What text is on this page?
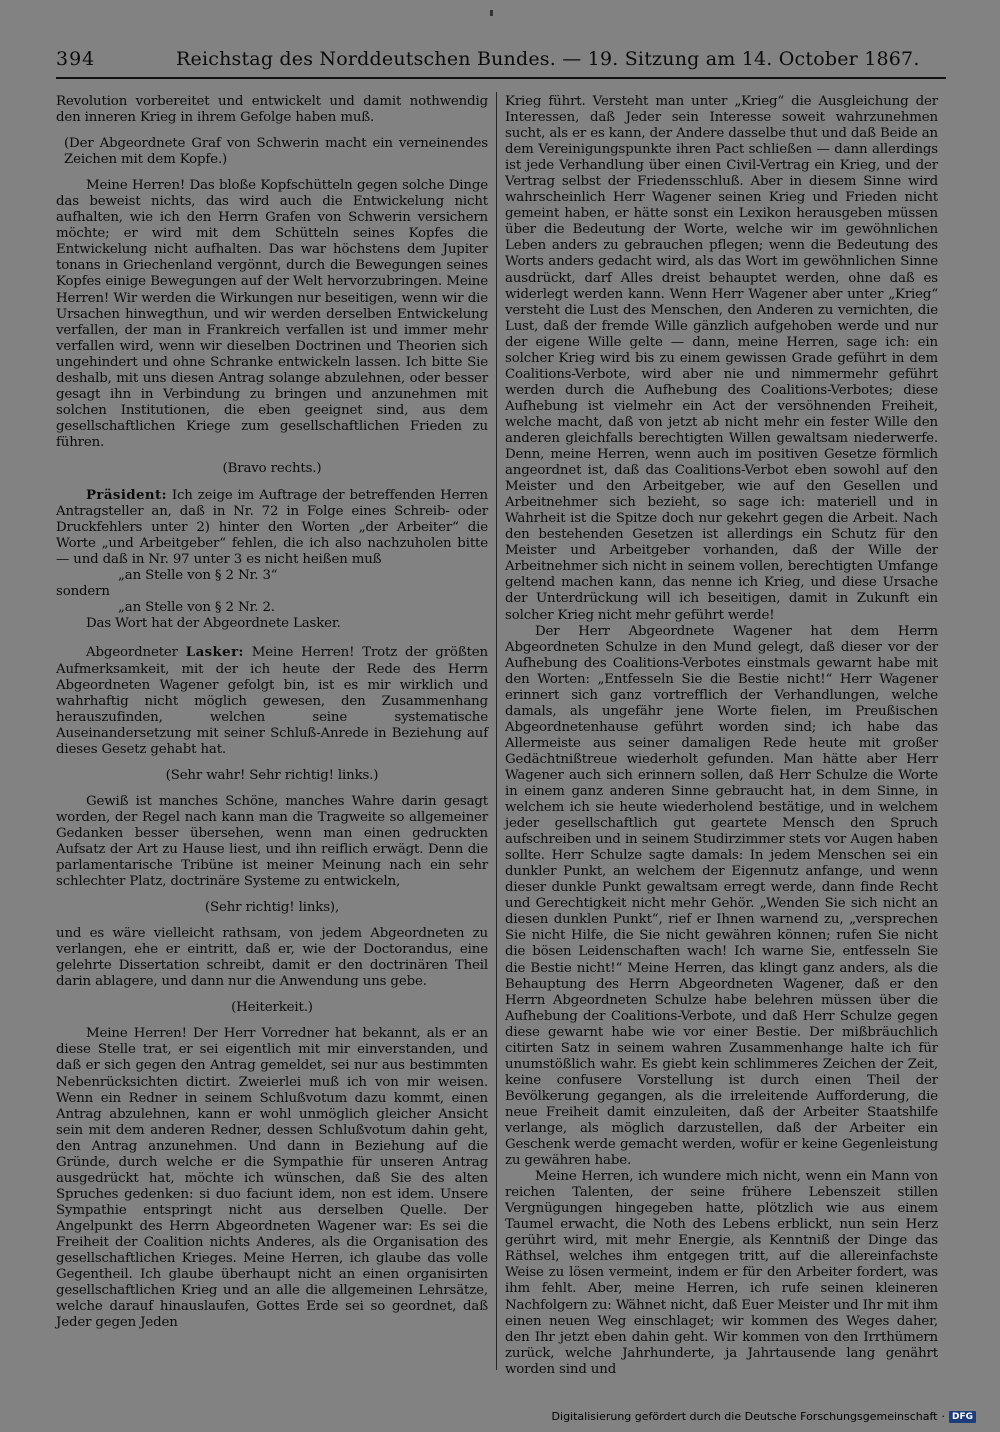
394	Reichstag des Norddeutschen Bundes. — 19. Sitzung am 14. October 1867.

Revolution vorbereitet und entwickelt und damit nothwendig den inneren Krieg in ihrem Gefolge haben muß.

(Der Abgeordnete Graf von Schwerin macht ein verneinendes Zeichen mit dem Kopfe.)

Meine Herren! Das bloße Kopfschütteln gegen solche Dinge das beweist nichts, das wird auch die Entwickelung nicht aufhalten, wie ich den Herrn Grafen von Schwerin versichern möchte; er wird mit dem Schütteln seines Kopfes die Entwickelung nicht aufhalten. Das war höchstens dem Jupiter tonans in Griechenland vergönnt, durch die Bewegungen seines Kopfes einige Bewegungen auf der Welt hervorzubringen. Meine Herren! Wir werden die Wirkungen nur beseitigen, wenn wir die Ursachen hinwegthun, und wir werden derselben Entwickelung verfallen, der man in Frankreich verfallen ist und immer mehr verfallen wird, wenn wir dieselben Doctrinen und Theorien sich ungehindert und ohne Schranke entwickeln lassen. Ich bitte Sie deshalb, mit uns diesen Antrag solange abzulehnen, oder besser gesagt ihn in Verbindung zu bringen und anzunehmen mit solchen Institutionen, die eben geeignet sind, aus dem gesellschaftlichen Kriege zum gesellschaftlichen Frieden zu führen.

(Bravo rechts.)

Präsident: Ich zeige im Auftrage der betreffenden Herren Antragsteller an, daß in Nr. 72 in Folge eines Schreib- oder Druckfehlers unter 2) hinter den Worten „der Arbeiter“ die Worte „und Arbeitgeber“ fehlen, die ich also nachzuholen bitte — und daß in Nr. 97 unter 3 es nicht heißen muß

„an Stelle von § 2 Nr. 3“

sondern

„an Stelle von § 2 Nr. 2.

Das Wort hat der Abgeordnete Lasker.

Abgeordneter Lasker: Meine Herren! Trotz der größten Aufmerksamkeit, mit der ich heute der Rede des Herrn Abgeordneten Wagener gefolgt bin, ist es mir wirklich und wahrhaftig nicht möglich gewesen, den Zusammenhang herauszufinden, welchen seine systematische Auseinandersetzung mit seiner Schluß-Anrede in Beziehung auf dieses Gesetz gehabt hat.

(Sehr wahr! Sehr richtig! links.)

Gewiß ist manches Schöne, manches Wahre darin gesagt worden, der Regel nach kann man die Tragweite so allgemeiner Gedanken besser übersehen, wenn man einen gedruckten Aufsatz der Art zu Hause liest, und ihn reiflich erwägt. Denn die parlamentarische Tribüne ist meiner Meinung nach ein sehr schlechter Platz, doctrinäre Systeme zu entwickeln,

(Sehr richtig! links),

und es wäre vielleicht rathsam, von jedem Abgeordneten zu verlangen, ehe er eintritt, daß er, wie der Doctorandus, eine gelehrte Dissertation schreibt, damit er den doctrinären Theil darin ablagere, und dann nur die Anwendung uns gebe.

(Heiterkeit.)

Meine Herren! Der Herr Vorredner hat bekannt, als er an diese Stelle trat, er sei eigentlich mit mir einverstanden, und daß er sich gegen den Antrag gemeldet, sei nur aus bestimmten Nebenrücksichten dictirt. Zweierlei muß ich von mir weisen. Wenn ein Redner in seinem Schlußvotum dazu kommt, einen Antrag abzulehnen, kann er wohl unmöglich gleicher Ansicht sein mit dem anderen Redner, dessen Schlußvotum dahin geht, den Antrag anzunehmen. Und dann in Beziehung auf die Gründe, durch welche er die Sympathie für unseren Antrag ausgedrückt hat, möchte ich wünschen, daß Sie des alten Spruches gedenken: si duo faciunt idem, non est idem. Unsere Sympathie entspringt nicht aus derselben Quelle. Der Angelpunkt des Herrn Abgeordneten Wagener war: Es sei die Freiheit der Coalition nichts Anderes, als die Organisation des gesellschaftlichen Krieges. Meine Herren, ich glaube das volle Gegentheil. Ich glaube überhaupt nicht an einen organisirten gesellschaftlichen Krieg und an alle die allgemeinen Lehrsätze, welche darauf hinauslaufen, Gottes Erde sei so geordnet, daß Jeder gegen Jeden

Krieg führt. Versteht man unter „Krieg“ die Ausgleichung der Interessen, daß Jeder sein Interesse soweit wahrzunehmen sucht, als er es kann, der Andere dasselbe thut und daß Beide an dem Vereinigungspunkte ihren Pact schließen — dann allerdings ist jede Verhandlung über einen Civil-Vertrag ein Krieg, und der Vertrag selbst der Friedensschluß. Aber in diesem Sinne wird wahrscheinlich Herr Wagener seinen Krieg und Frieden nicht gemeint haben, er hätte sonst ein Lexikon herausgeben müssen über die Bedeutung der Worte, welche wir im gewöhnlichen Leben anders zu gebrauchen pflegen; wenn die Bedeutung des Worts anders gedacht wird, als das Wort im gewöhnlichen Sinne ausdrückt, darf Alles dreist behauptet werden, ohne daß es widerlegt werden kann. Wenn Herr Wagener aber unter „Krieg“ versteht die Lust des Menschen, den Anderen zu vernichten, die Lust, daß der fremde Wille gänzlich aufgehoben werde und nur der eigene Wille gelte — dann, meine Herren, sage ich: ein solcher Krieg wird bis zu einem gewissen Grade geführt in dem Coalitions-Verbote, wird aber nie und nimmermehr geführt werden durch die Aufhebung des Coalitions-Verbotes; diese Aufhebung ist vielmehr ein Act der versöhnenden Freiheit, welche macht, daß von jetzt ab nicht mehr ein fester Wille den anderen gleichfalls berechtigten Willen gewaltsam niederwerfe. Denn, meine Herren, wenn auch im positiven Gesetze förmlich angeordnet ist, daß das Coalitions-Verbot eben sowohl auf den Meister und den Arbeitgeber, wie auf den Gesellen und Arbeitnehmer sich bezieht, so sage ich: materiell und in Wahrheit ist die Spitze doch nur gekehrt gegen die Arbeit. Nach den bestehenden Gesetzen ist allerdings ein Schutz für den Meister und Arbeitgeber vorhanden, daß der Wille der Arbeitnehmer sich nicht in seinem vollen, berechtigten Umfange geltend machen kann, das nenne ich Krieg, und diese Ursache der Unterdrückung will ich beseitigen, damit in Zukunft ein solcher Krieg nicht mehr geführt werde!

Der Herr Abgeordnete Wagener hat dem Herrn Abgeordneten Schulze in den Mund gelegt, daß dieser vor der Aufhebung des Coalitions-Verbotes einstmals gewarnt habe mit den Worten: „Entfesseln Sie die Bestie nicht!“ Herr Wagener erinnert sich ganz vortrefflich der Verhandlungen, welche damals, als ungefähr jene Worte fielen, im Preußischen Abgeordnetenhause geführt worden sind; ich habe das Allermeiste aus seiner damaligen Rede heute mit großer Gedächtnißtreue wiederholt gefunden. Man hätte aber Herr Wagener auch sich erinnern sollen, daß Herr Schulze die Worte in einem ganz anderen Sinne gebraucht hat, in dem Sinne, in welchem ich sie heute wiederholend bestätige, und in welchem jeder gesellschaftlich gut geartete Mensch den Spruch aufschreiben und in seinem Studirzimmer stets vor Augen haben sollte. Herr Schulze sagte damals: In jedem Menschen sei ein dunkler Punkt, an welchem der Eigennutz anfange, und wenn dieser dunkle Punkt gewaltsam erregt werde, dann finde Recht und Gerechtigkeit nicht mehr Gehör. „Wenden Sie sich nicht an diesen dunklen Punkt“, rief er Ihnen warnend zu, „versprechen Sie nicht Hilfe, die Sie nicht gewähren können; rufen Sie nicht die bösen Leidenschaften wach! Ich warne Sie, entfesseln Sie die Bestie nicht!“ Meine Herren, das klingt ganz anders, als die Behauptung des Herrn Abgeordneten Wagener, daß er den Herrn Abgeordneten Schulze habe belehren müssen über die Aufhebung der Coalitions-Verbote, und daß Herr Schulze gegen diese gewarnt habe wie vor einer Bestie. Der mißbräuchlich citirten Satz in seinem wahren Zusammenhange halte ich für unumstößlich wahr. Es giebt kein schlimmeres Zeichen der Zeit, keine confusere Vorstellung ist durch einen Theil der Bevölkerung gegangen, als die irreleitende Aufforderung, die neue Freiheit damit einzuleiten, daß der Arbeiter Staatshilfe verlange, als möglich darzustellen, daß der Arbeiter ein Geschenk werde gemacht werden, wofür er keine Gegenleistung zu gewähren habe.

Meine Herren, ich wundere mich nicht, wenn ein Mann von reichen Talenten, der seine frühere Lebenszeit stillen Vergnügungen hingegeben hatte, plötzlich wie aus einem Taumel erwacht, die Noth des Lebens erblickt, nun sein Herz gerührt wird, mit mehr Energie, als Kenntniß der Dinge das Räthsel, welches ihm entgegen tritt, auf die allereinfachste Weise zu lösen vermeint, indem er für den Arbeiter fordert, was ihm fehlt. Aber, meine Herren, ich rufe seinen kleineren Nachfolgern zu: Wähnet nicht, daß Euer Meister und Ihr mit ihm einen neuen Weg einschlaget; wir kommen des Weges daher, den Ihr jetzt eben dahin geht. Wir kommen von den Irrthümern zurück, welche Jahrhunderte, ja Jahrtausende lang genährt worden sind und

Digitalisierung gefördert durch die Deutsche Forschungsgemeinschaft · DFG
